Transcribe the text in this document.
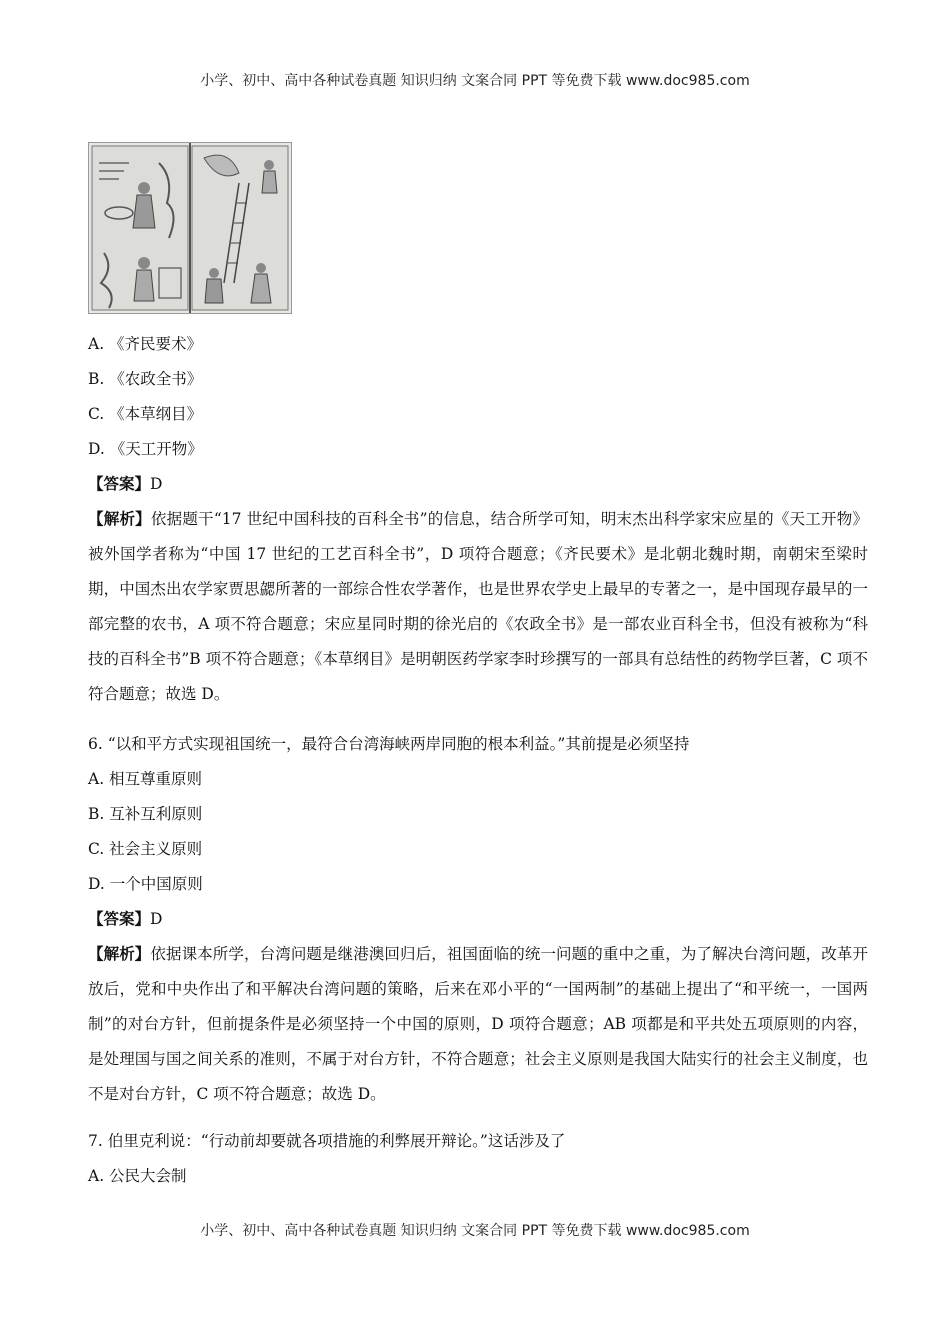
小学、初中、高中各种试卷真题 知识归纳 文案合同 PPT 等免费下载 www.doc985.com
A. 《齐民要术》
B. 《农政全书》
C. 《本草纲目》
D. 《天工开物》
【答案】D
【解析】依据题干“17 世纪中国科技的百科全书”的信息，结合所学可知，明末杰出科学家宋应星的《天工开物》被外国学者称为“中国 17 世纪的工艺百科全书”，D 项符合题意；《齐民要术》是北朝北魏时期，南朝宋至梁时期，中国杰出农学家贾思勰所著的一部综合性农学著作，也是世界农学史上最早的专著之一，是中国现存最早的一部完整的农书，A 项不符合题意；宋应星同时期的徐光启的《农政全书》是一部农业百科全书，但没有被称为“科技的百科全书”B 项不符合题意；《本草纲目》是明朝医药学家李时珍撰写的一部具有总结性的药物学巨著，C 项不符合题意；故选 D。
6. “以和平方式实现祖国统一，最符合台湾海峡两岸同胞的根本利益。”其前提是必须坚持
A. 相互尊重原则
B. 互补互利原则
C. 社会主义原则
D. 一个中国原则
【答案】D
【解析】依据课本所学，台湾问题是继港澳回归后，祖国面临的统一问题的重中之重，为了解决台湾问题，改革开放后，党和中央作出了和平解决台湾问题的策略，后来在邓小平的“一国两制”的基础上提出了“和平统一，一国两制”的对台方针，但前提条件是必须坚持一个中国的原则，D 项符合题意；AB 项都是和平共处五项原则的内容，是处理国与国之间关系的准则，不属于对台方针，不符合题意；社会主义原则是我国大陆实行的社会主义制度，也不是对台方针，C 项不符合题意；故选 D。
7. 伯里克利说：“行动前却要就各项措施的利弊展开辩论。”这话涉及了
A. 公民大会制
小学、初中、高中各种试卷真题 知识归纳 文案合同 PPT 等免费下载 www.doc985.com
